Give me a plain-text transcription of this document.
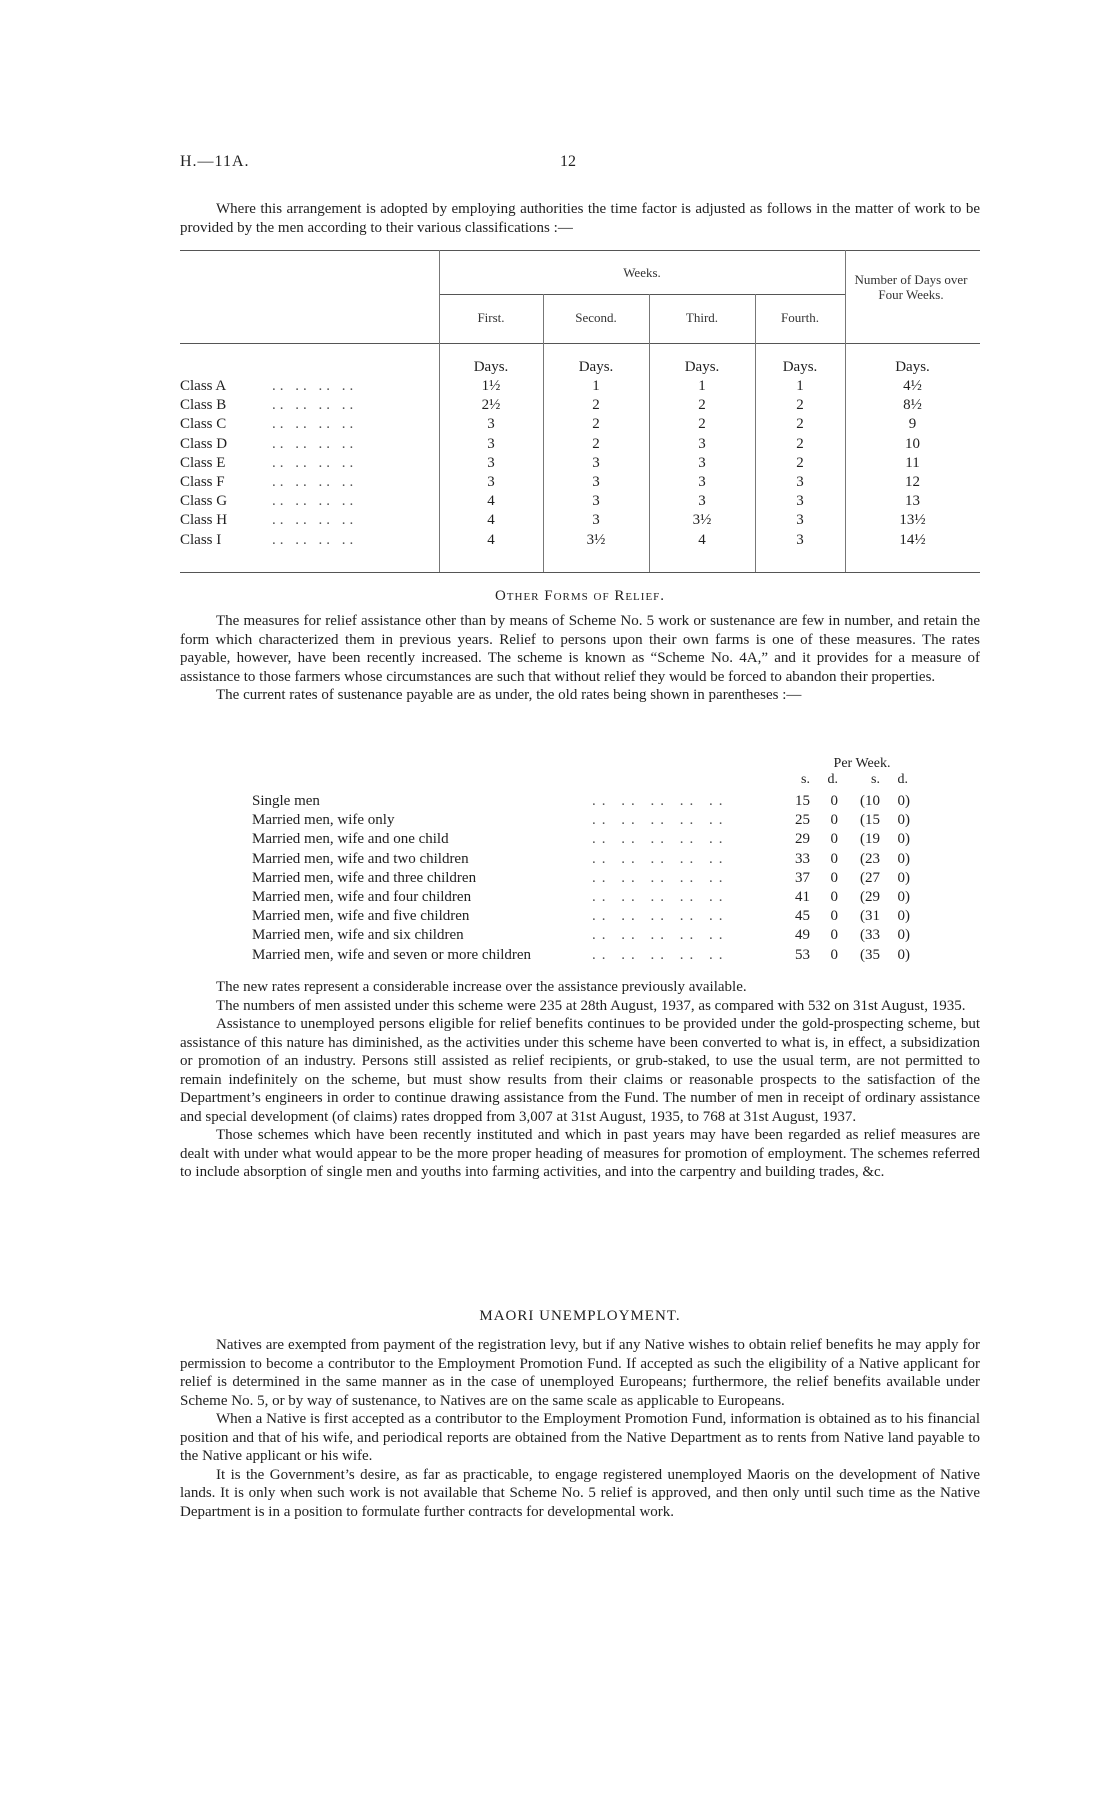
H.—11A.	12

Where this arrangement is adopted by employing authorities the time factor is adjusted as follows in the matter of work to be provided by the men according to their various classifications :—

Weeks.
First.	Second.	Third.	Fourth.
Number of Days over Four Weeks.
Days.	Days.	Days.	Days.	Days.
Class A	.. .. .. ..	1½	1	1	1	4½
Class B	.. .. .. ..	2½	2	2	2	8½
Class C	.. .. .. ..	3	2	2	2	9
Class D	.. .. .. ..	3	2	3	2	10
Class E	.. .. .. ..	3	3	3	2	11
Class F	.. .. .. ..	3	3	3	3	12
Class G	.. .. .. ..	4	3	3	3	13
Class H	.. .. .. ..	4	3	3½	3	13½
Class I	.. .. .. ..	4	3½	4	3	14½
Other Forms of Relief.

The measures for relief assistance other than by means of Scheme No. 5 work or sustenance are few in number, and retain the form which characterized them in previous years. Relief to persons upon their own farms is one of these measures. The rates payable, however, have been recently increased. The scheme is known as “Scheme No. 4A,” and it provides for a measure of assistance to those farmers whose circumstances are such that without relief they would be forced to abandon their properties.

The current rates of sustenance payable are as under, the old rates being shown in parentheses :—

Per Week.
s.	d.	s.	d.
Single men	.. .. .. .. ..	15	0	(10	0)
Married men, wife only	.. .. .. .. ..	25	0	(15	0)
Married men, wife and one child	.. .. .. .. ..	29	0	(19	0)
Married men, wife and two children	.. .. .. .. ..	33	0	(23	0)
Married men, wife and three children	.. .. .. .. ..	37	0	(27	0)
Married men, wife and four children	.. .. .. .. ..	41	0	(29	0)
Married men, wife and five children	.. .. .. .. ..	45	0	(31	0)
Married men, wife and six children	.. .. .. .. ..	49	0	(33	0)
Married men, wife and seven or more children	.. .. .. .. ..	53	0	(35	0)

The new rates represent a considerable increase over the assistance previously available.

The numbers of men assisted under this scheme were 235 at 28th August, 1937, as compared with 532 on 31st August, 1935.

Assistance to unemployed persons eligible for relief benefits continues to be provided under the gold-prospecting scheme, but assistance of this nature has diminished, as the activities under this scheme have been converted to what is, in effect, a subsidization or promotion of an industry. Persons still assisted as relief recipients, or grub-staked, to use the usual term, are not permitted to remain indefinitely on the scheme, but must show results from their claims or reasonable prospects to the satisfaction of the Department’s engineers in order to continue drawing assistance from the Fund. The number of men in receipt of ordinary assistance and special development (of claims) rates dropped from 3,007 at 31st August, 1935, to 768 at 31st August, 1937.

Those schemes which have been recently instituted and which in past years may have been regarded as relief measures are dealt with under what would appear to be the more proper heading of measures for promotion of employment. The schemes referred to include absorption of single men and youths into farming activities, and into the carpentry and building trades, &c.

MAORI UNEMPLOYMENT.

Natives are exempted from payment of the registration levy, but if any Native wishes to obtain relief benefits he may apply for permission to become a contributor to the Employment Promotion Fund. If accepted as such the eligibility of a Native applicant for relief is determined in the same manner as in the case of unemployed Europeans; furthermore, the relief benefits available under Scheme No. 5, or by way of sustenance, to Natives are on the same scale as applicable to Europeans.

When a Native is first accepted as a contributor to the Employment Promotion Fund, information is obtained as to his financial position and that of his wife, and periodical reports are obtained from the Native Department as to rents from Native land payable to the Native applicant or his wife.

It is the Government’s desire, as far as practicable, to engage registered unemployed Maoris on the development of Native lands. It is only when such work is not available that Scheme No. 5 relief is approved, and then only until such time as the Native Department is in a position to formulate further contracts for developmental work.
